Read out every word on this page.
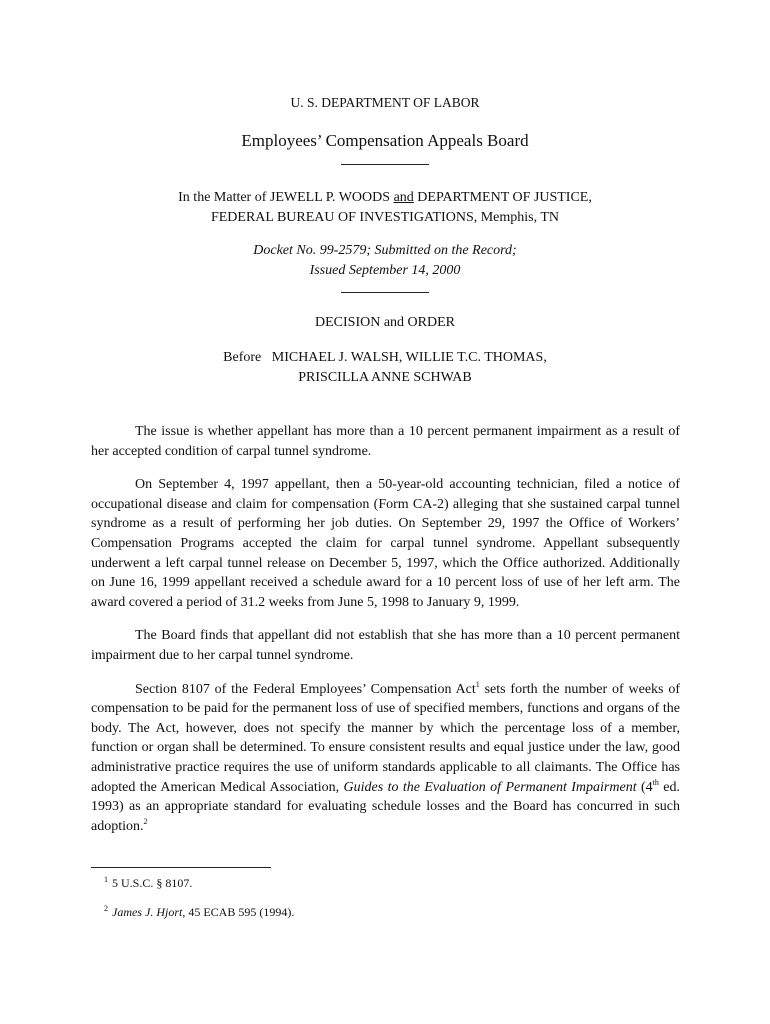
U. S. DEPARTMENT OF LABOR
Employees’ Compensation Appeals Board
In the Matter of JEWELL P. WOODS and DEPARTMENT OF JUSTICE,
FEDERAL BUREAU OF INVESTIGATIONS, Memphis, TN
Docket No. 99-2579; Submitted on the Record;
Issued September 14, 2000
DECISION and ORDER
Before   MICHAEL J. WALSH, WILLIE T.C. THOMAS,
PRISCILLA ANNE SCHWAB

The issue is whether appellant has more than a 10 percent permanent impairment as a result of her accepted condition of carpal tunnel syndrome.

On September 4, 1997 appellant, then a 50-year-old accounting technician, filed a notice of occupational disease and claim for compensation (Form CA-2) alleging that she sustained carpal tunnel syndrome as a result of performing her job duties. On September 29, 1997 the Office of Workers’ Compensation Programs accepted the claim for carpal tunnel syndrome. Appellant subsequently underwent a left carpal tunnel release on December 5, 1997, which the Office authorized. Additionally on June 16, 1999 appellant received a schedule award for a 10 percent loss of use of her left arm. The award covered a period of 31.2 weeks from June 5, 1998 to January 9, 1999.

The Board finds that appellant did not establish that she has more than a 10 percent permanent impairment due to her carpal tunnel syndrome.

Section 8107 of the Federal Employees’ Compensation Act$^1$ sets forth the number of weeks of compensation to be paid for the permanent loss of use of specified members, functions and organs of the body. The Act, however, does not specify the manner by which the percentage loss of a member, function or organ shall be determined. To ensure consistent results and equal justice under the law, good administrative practice requires the use of uniform standards applicable to all claimants. The Office has adopted the American Medical Association, Guides to the Evaluation of Permanent Impairment (4th ed. 1993) as an appropriate standard for evaluating schedule losses and the Board has concurred in such adoption.$^2$

$^1$ 5 U.S.C. § 8107.
$^2$ James J. Hjort, 45 ECAB 595 (1994).
